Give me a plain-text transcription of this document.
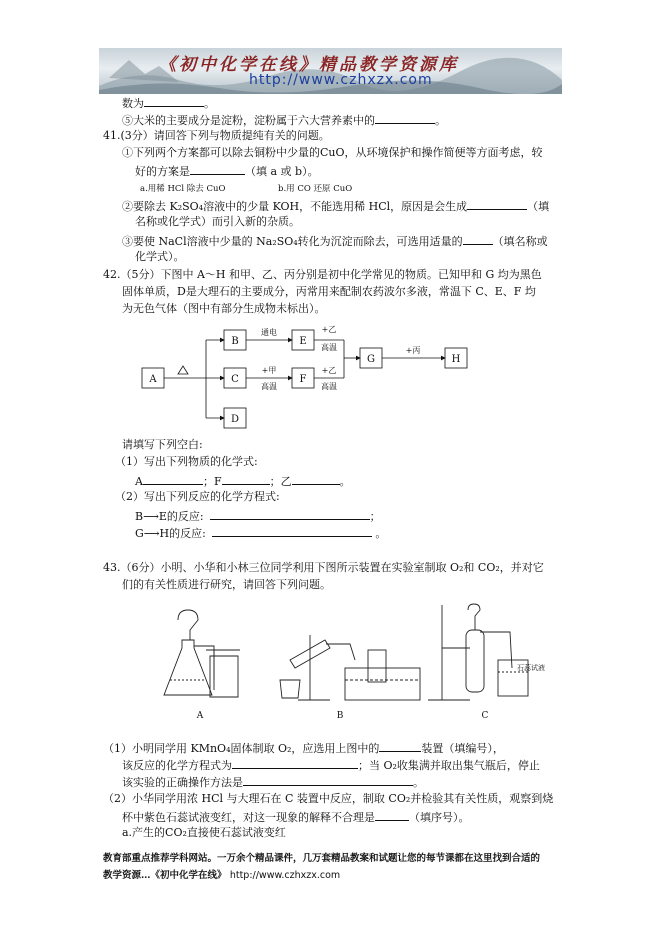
《初中化学在线》精品教学资源库
http://www.czhxzx.com
数为	。
⑤大米的主要成分是淀粉，淀粉属于六大营养素中的	。
41.(3分）请回答下列与物质提纯有关的问题。
①下列两个方案都可以除去铜粉中少量的CuO，从环境保护和操作简便等方面考虑，较
好的方案是	（填 a 或 b）。
a.用稀 HCl 除去 CuO	b.用 CO 还原 CuO
②要除去 K₂SO₄溶液中的少量 KOH，不能选用稀 HCl，原因是会生成	（填
名称或化学式）而引入新的杂质。
③要使 NaCl溶液中少量的 Na₂SO₄转化为沉淀而除去，可选用适量的	（填名称或
化学式）。
42.（5分）下图中 A～H 和甲、乙、丙分别是初中化学常见的物质。已知甲和 G 均为黑色
固体单质，D是大理石的主要成分，丙常用来配制农药波尔多液，常温下 C、E、F 均
为无色气体（图中有部分生成物未标出）。
A
B
C
D
E
F
G	H
通电
+甲
高温
+乙
高温
+乙
高温
+丙
请填写下列空白:
（1）写出下列物质的化学式:
A	；F	；乙	。
（2）写出下列反应的化学方程式:
B⟶E的反应:	；
G⟶H的反应:	。
43.（6分）小明、小华和小林三位同学利用下图所示装置在实验室制取 O₂和 CO₂，并对它
们的有关性质进行研究，请回答下列问题。
A	B	C
石蕊试液
（1）小明同学用 KMnO₄固体制取 O₂，应选用上图中的	装置（填编号），
该反应的化学方程式为	；当 O₂收集满并取出集气瓶后，停止
该实验的正确操作方法是	。
（2）小华同学用浓 HCl 与大理石在 C 装置中反应，制取 CO₂并检验其有关性质，观察到烧
杯中紫色石蕊试液变红，对这一现象的解释不合理是	（填序号）。
a.产生的CO₂直接使石蕊试液变红
教育部重点推荐学科网站。一万余个精品课件，几万套精品教案和试题让您的每节课都在这里找到合适的
教学资源…《初中化学在线》 http://www.czhxzx.com
